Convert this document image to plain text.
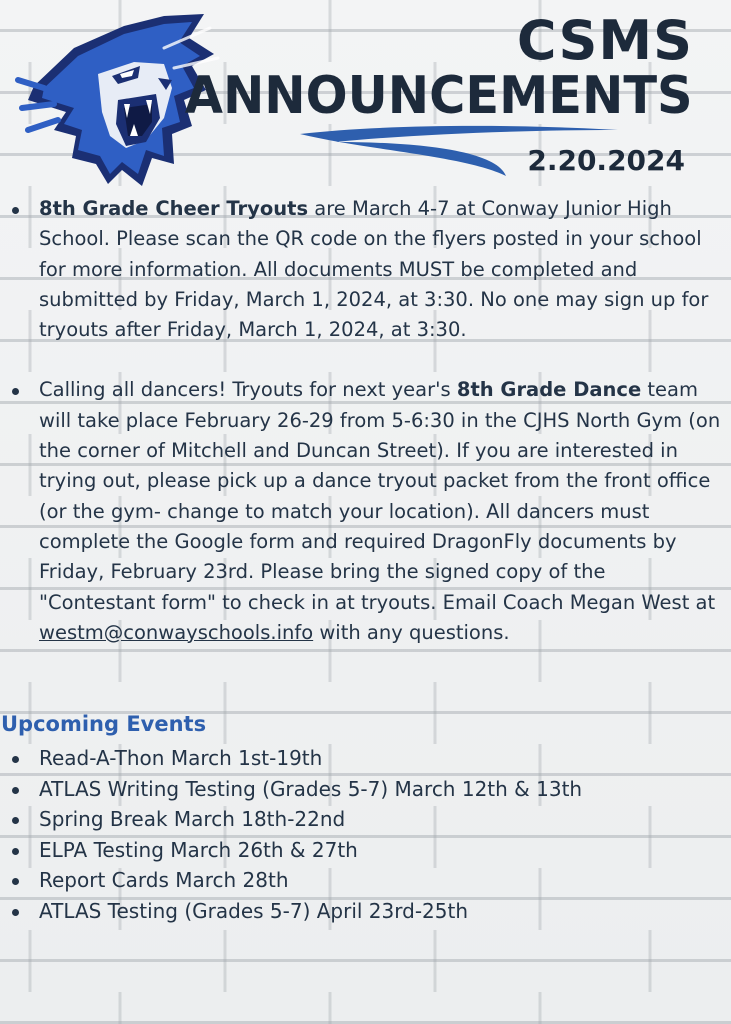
CSMS
ANNOUNCEMENTS
2.20.2024
8th Grade Cheer Tryouts are March 4-7 at Conway Junior High School. Please scan the QR code on the flyers posted in your school for more information. All documents MUST be completed and submitted by Friday, March 1, 2024, at 3:30. No one may sign up for tryouts after Friday, March 1, 2024, at 3:30.
Calling all dancers! Tryouts for next year's 8th Grade Dance team will take place February 26-29 from 5-6:30 in the CJHS North Gym (on the corner of Mitchell and Duncan Street). If you are interested in trying out, please pick up a dance tryout packet from the front office (or the gym- change to match your location). All dancers must complete the Google form and required DragonFly documents by Friday, February 23rd. Please bring the signed copy of the "Contestant form" to check in at tryouts. Email Coach Megan West at westm@conwayschools.info with any questions.
Upcoming Events
Read-A-Thon March 1st-19th
ATLAS Writing Testing (Grades 5-7) March 12th & 13th
Spring Break March 18th-22nd
ELPA Testing March 26th & 27th
Report Cards March 28th
ATLAS Testing (Grades 5-7) April 23rd-25th
